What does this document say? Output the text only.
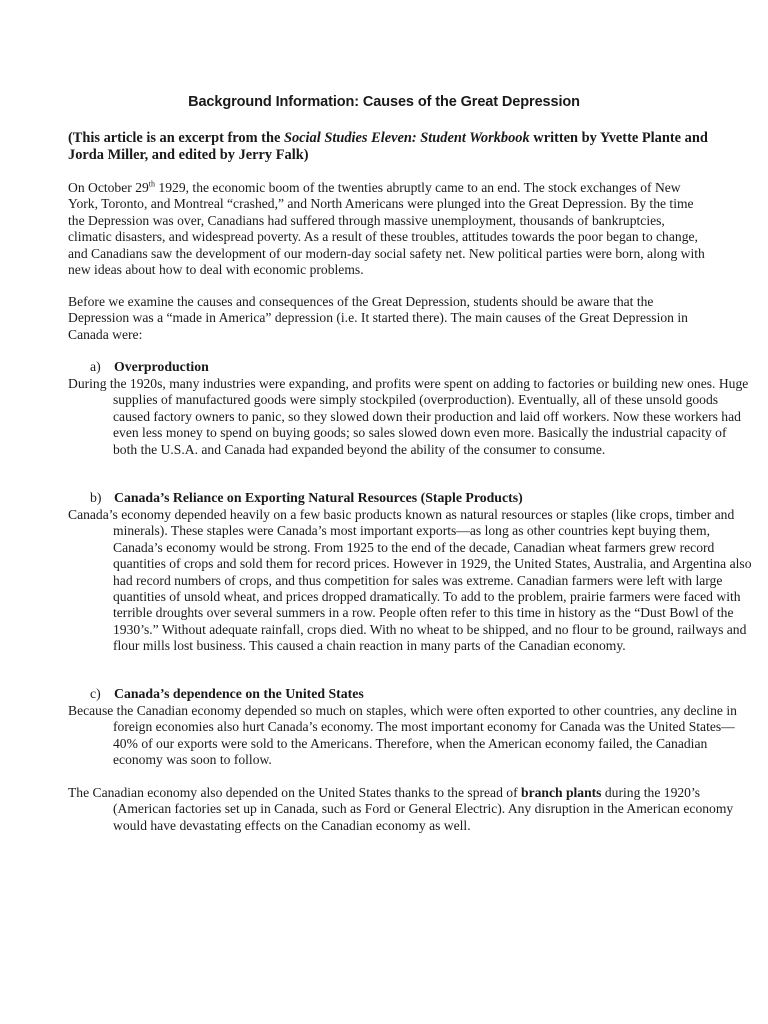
Background Information: Causes of the Great Depression
(This article is an excerpt from the Social Studies Eleven: Student Workbook written by Yvette Plante and Jorda Miller, and edited by Jerry Falk)
On October 29th 1929, the economic boom of the twenties abruptly came to an end. The stock exchanges of New York, Toronto, and Montreal “crashed,” and North Americans were plunged into the Great Depression. By the time the Depression was over, Canadians had suffered through massive unemployment, thousands of bankruptcies, climatic disasters, and widespread poverty. As a result of these troubles, attitudes towards the poor began to change, and Canadians saw the development of our modern-day social safety net. New political parties were born, along with new ideas about how to deal with economic problems.
Before we examine the causes and consequences of the Great Depression, students should be aware that the Depression was a “made in America” depression (i.e. It started there). The main causes of the Great Depression in Canada were:
a) Overproduction
During the 1920s, many industries were expanding, and profits were spent on adding to factories or building new ones. Huge supplies of manufactured goods were simply stockpiled (overproduction). Eventually, all of these unsold goods caused factory owners to panic, so they slowed down their production and laid off workers. Now these workers had even less money to spend on buying goods; so sales slowed down even more. Basically the industrial capacity of both the U.S.A. and Canada had expanded beyond the ability of the consumer to consume.
b) Canada’s Reliance on Exporting Natural Resources (Staple Products)
Canada’s economy depended heavily on a few basic products known as natural resources or staples (like crops, timber and minerals). These staples were Canada’s most important exports—as long as other countries kept buying them, Canada’s economy would be strong. From 1925 to the end of the decade, Canadian wheat farmers grew record quantities of crops and sold them for record prices. However in 1929, the United States, Australia, and Argentina also had record numbers of crops, and thus competition for sales was extreme. Canadian farmers were left with large quantities of unsold wheat, and prices dropped dramatically. To add to the problem, prairie farmers were faced with terrible droughts over several summers in a row. People often refer to this time in history as the “Dust Bowl of the 1930’s.” Without adequate rainfall, crops died. With no wheat to be shipped, and no flour to be ground, railways and flour mills lost business. This caused a chain reaction in many parts of the Canadian economy.
c) Canada’s dependence on the United States
Because the Canadian economy depended so much on staples, which were often exported to other countries, any decline in foreign economies also hurt Canada’s economy. The most important economy for Canada was the United States—40% of our exports were sold to the Americans. Therefore, when the American economy failed, the Canadian economy was soon to follow.
The Canadian economy also depended on the United States thanks to the spread of branch plants during the 1920’s (American factories set up in Canada, such as Ford or General Electric). Any disruption in the American economy would have devastating effects on the Canadian economy as well.
